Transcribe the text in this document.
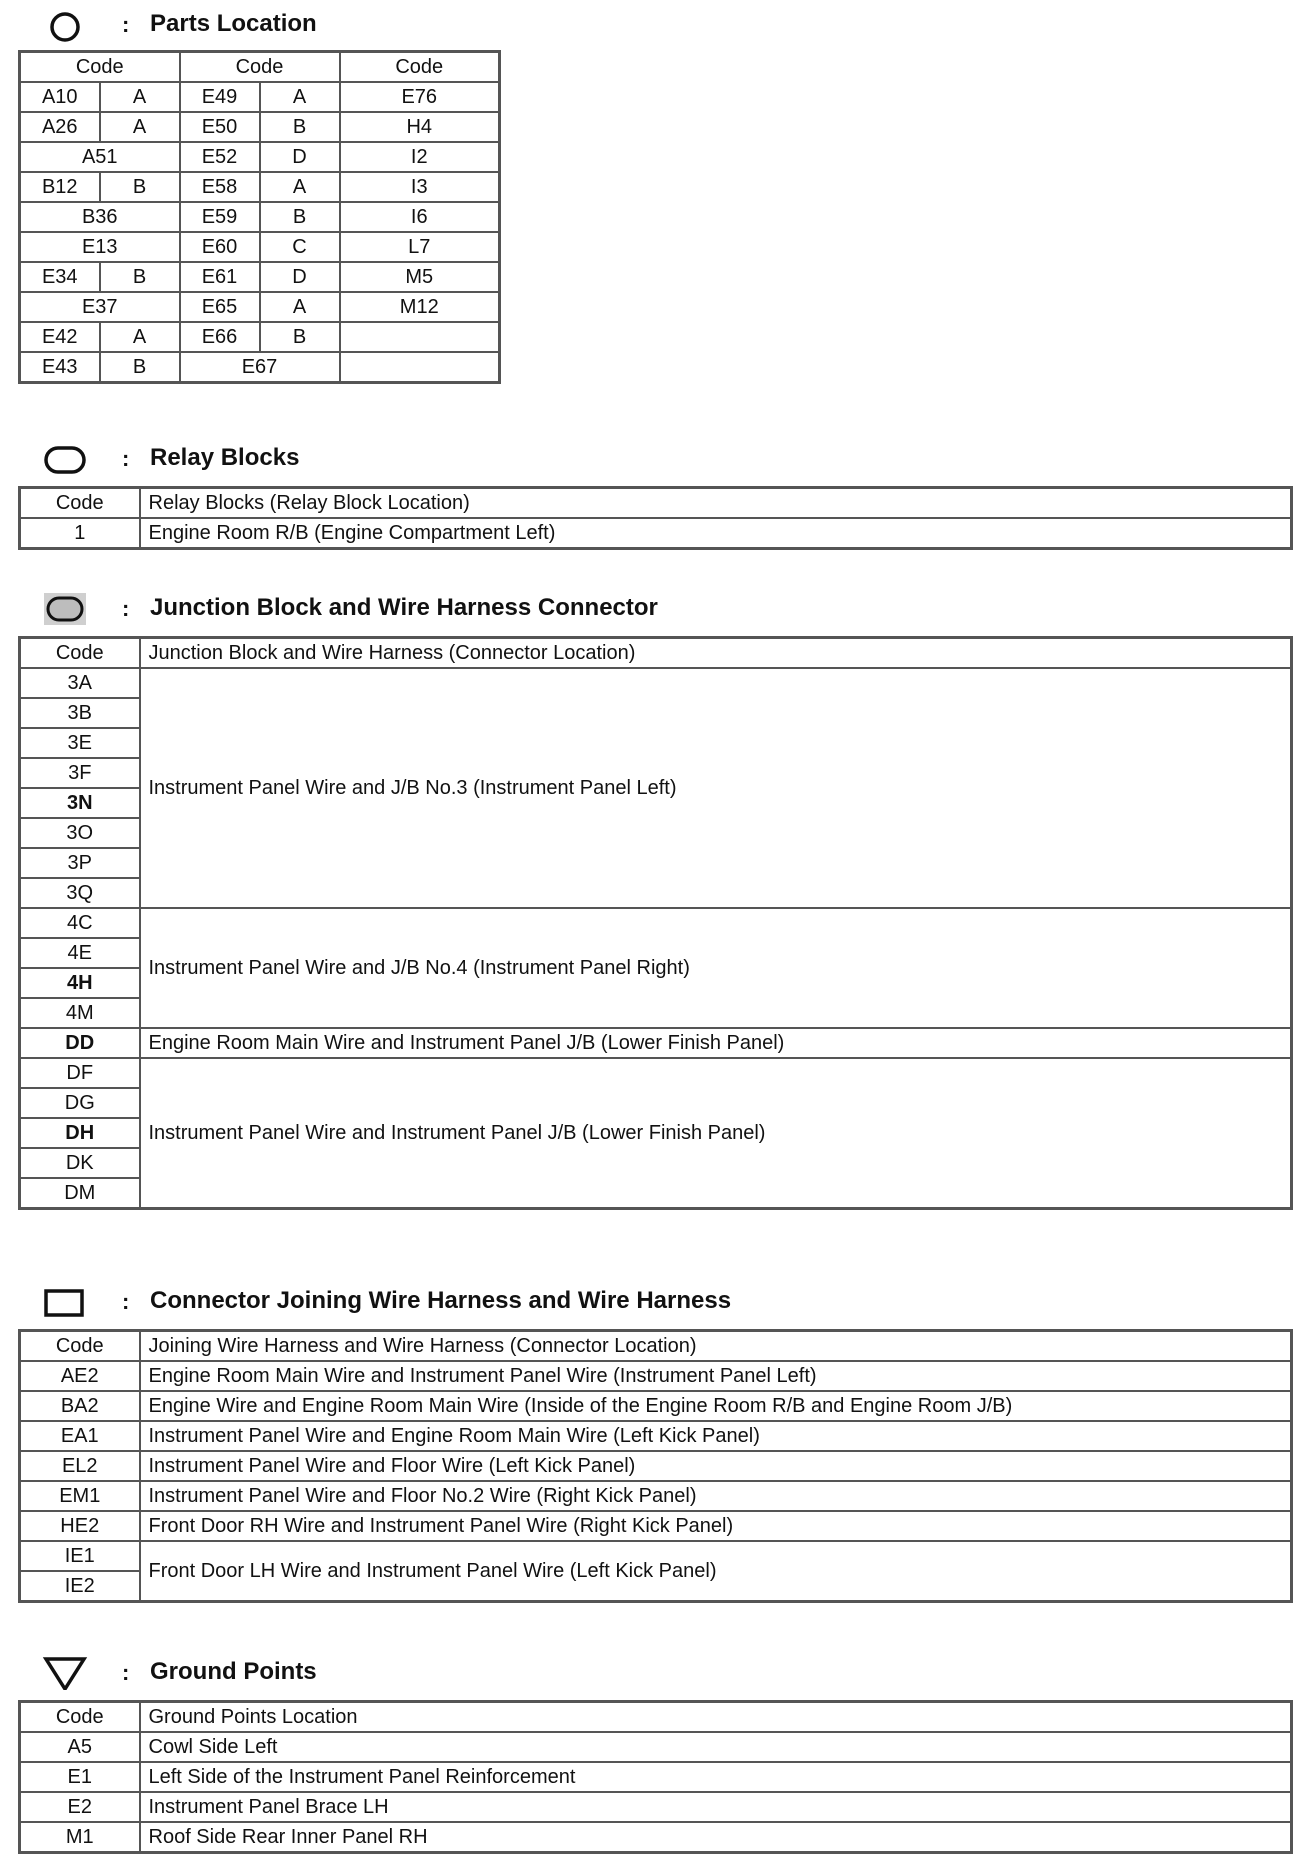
: Parts Location
Code		Code		Code
A10	A	E49	A	E76
A26	A	E50	B	H4
A51		E52	D	I2
B12	B	E58	A	I3
B36		E59	B	I6
E13		E60	C	L7
E34	B	E61	D	M5
E37		E65	A	M12
E42	A	E66	B	
E43	B	E67		
: Relay Blocks
Code	Relay Blocks (Relay Block Location)
1	Engine Room R/B (Engine Compartment Left)
: Junction Block and Wire Harness Connector
Code	Junction Block and Wire Harness (Connector Location)
3A	Instrument Panel Wire and J/B No.3 (Instrument Panel Left)
3B	
3E	
3F	
3N	
3O	
3P	
3Q	
4C	Instrument Panel Wire and J/B No.4 (Instrument Panel Right)
4E	
4H	
4M	
DD	Engine Room Main Wire and Instrument Panel J/B (Lower Finish Panel)
DF	Instrument Panel Wire and Instrument Panel J/B (Lower Finish Panel)
DG	
DH	
DK	
DM	
: Connector Joining Wire Harness and Wire Harness
Code	Joining Wire Harness and Wire Harness (Connector Location)
AE2	Engine Room Main Wire and Instrument Panel Wire (Instrument Panel Left)
BA2	Engine Wire and Engine Room Main Wire (Inside of the Engine Room R/B and Engine Room J/B)
EA1	Instrument Panel Wire and Engine Room Main Wire (Left Kick Panel)
EL2	Instrument Panel Wire and Floor Wire (Left Kick Panel)
EM1	Instrument Panel Wire and Floor No.2 Wire (Right Kick Panel)
HE2	Front Door RH Wire and Instrument Panel Wire (Right Kick Panel)
IE1	Front Door LH Wire and Instrument Panel Wire (Left Kick Panel)
IE2	
: Ground Points
Code	Ground Points Location
A5	Cowl Side Left
E1	Left Side of the Instrument Panel Reinforcement
E2	Instrument Panel Brace LH
M1	Roof Side Rear Inner Panel RH
